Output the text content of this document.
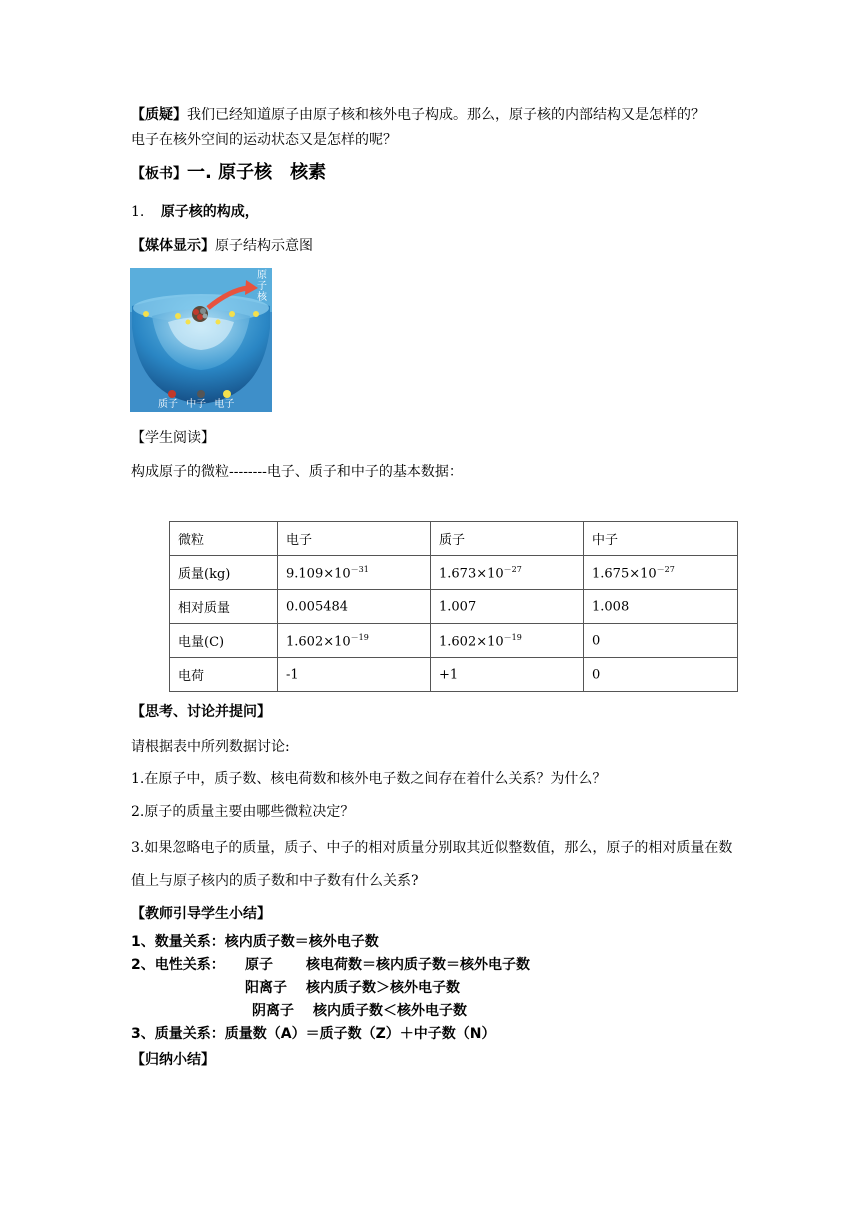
【质疑】我们已经知道原子由原子核和核外电子构成。那么，原子核的内部结构又是怎样的？
电子在核外空间的运动状态又是怎样的呢？
【板书】一. 原子核　核素
1. 原子核的构成，
【媒体显示】原子结构示意图
原子核
质子 中子 电子
【学生阅读】
构成原子的微粒--------电子、质子和中子的基本数据：
微粒	电子	质子	中子
质量(kg)	$9.109\times 10^{-31}$	$1.673\times 10^{-27}$	$1.675\times 10^{-27}$
相对质量	0.005484	1.007	1.008
电量(C)	$1.602\times 10^{-19}$	$1.602\times 10^{-19}$	0
电荷	-1	+1	0
【思考、讨论并提问】
请根据表中所列数据讨论:
1.在原子中，质子数、核电荷数和核外电子数之间存在着什么关系？为什么？
2.原子的质量主要由哪些微粒决定？
3.如果忽略电子的质量，质子、中子的相对质量分别取其近似整数值，那么，原子的相对质量在数值上与原子核内的质子数和中子数有什么关系?
【教师引导学生小结】
1、数量关系：核内质子数＝核外电子数
2、电性关系： 原子 核电荷数＝核内质子数＝核外电子数
阳离子 核内质子数＞核外电子数
阴离子 核内质子数＜核外电子数
3、质量关系：质量数（A）＝质子数（Z）＋中子数（N）
【归纳小结】
